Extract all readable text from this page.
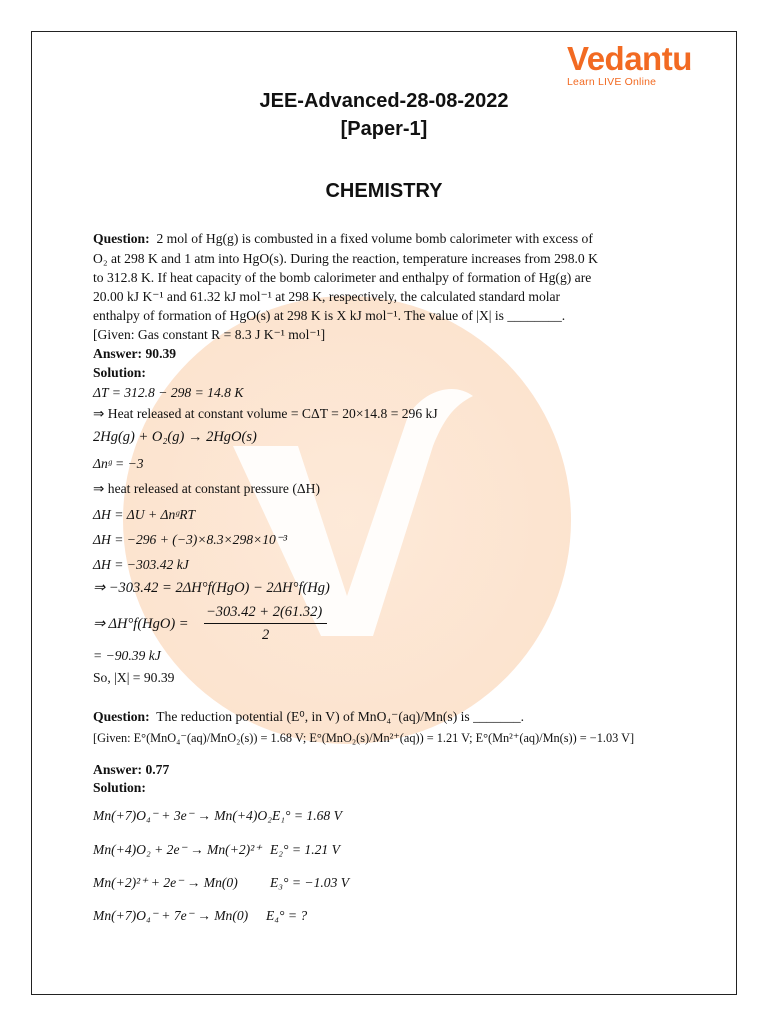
Vedantu
Learn LIVE Online
JEE-Advanced-28-08-2022
[Paper-1]
CHEMISTRY
Question: 2 mol of Hg(g) is combusted in a fixed volume bomb calorimeter with excess of
O₂ at 298 K and 1 atm into HgO(s). During the reaction, temperature increases from 298.0 K
to 312.8 K. If heat capacity of the bomb calorimeter and enthalpy of formation of Hg(g) are
20.00 kJ K⁻¹ and 61.32 kJ mol⁻¹ at 298 K, respectively, the calculated standard molar
enthalpy of formation of HgO(s) at 298 K is X kJ mol⁻¹. The value of |X| is ________.
[Given: Gas constant R = 8.3 J K⁻¹ mol⁻¹]
Answer: 90.39
Solution:
ΔT = 312.8 − 298 = 14.8 K
⇒ Heat released at constant volume = CΔT = 20×14.8 = 296 kJ
2Hg(g) + O₂(g) → 2HgO(s)
Δnᵍ = −3
⇒ heat released at constant pressure (ΔH)
ΔH = ΔU + ΔnᵍRT
ΔH = −296 + (−3)×8.3×298×10⁻³
ΔH = −303.42 kJ
⇒ −303.42 = 2ΔH°f(HgO) − 2ΔH°f(Hg)
⇒ ΔH°f(HgO) =
−303.42 + 2(61.32)
2
= −90.39 kJ
So, |X| = 90.39
Question: The reduction potential (E⁰, in V) of MnO₄⁻(aq)/Mn(s) is _______.
[Given: E°(MnO₄⁻(aq)/MnO₂(s)) = 1.68 V; E°(MnO₂(s)/Mn²⁺(aq)) = 1.21 V; E°(Mn²⁺(aq)/Mn(s)) = −1.03 V]
Answer: 0.77
Solution:
Mn(+7)O₄⁻ + 3e⁻ → Mn(+4)O₂ E₁° = 1.68 V
Mn(+4)O₂ + 2e⁻ → Mn(+2)²⁺ E₂° = 1.21 V
Mn(+2)²⁺ + 2e⁻ → Mn(0) E₃° = −1.03 V
Mn(+7)O₄⁻ + 7e⁻ → Mn(0) E₄° = ?
